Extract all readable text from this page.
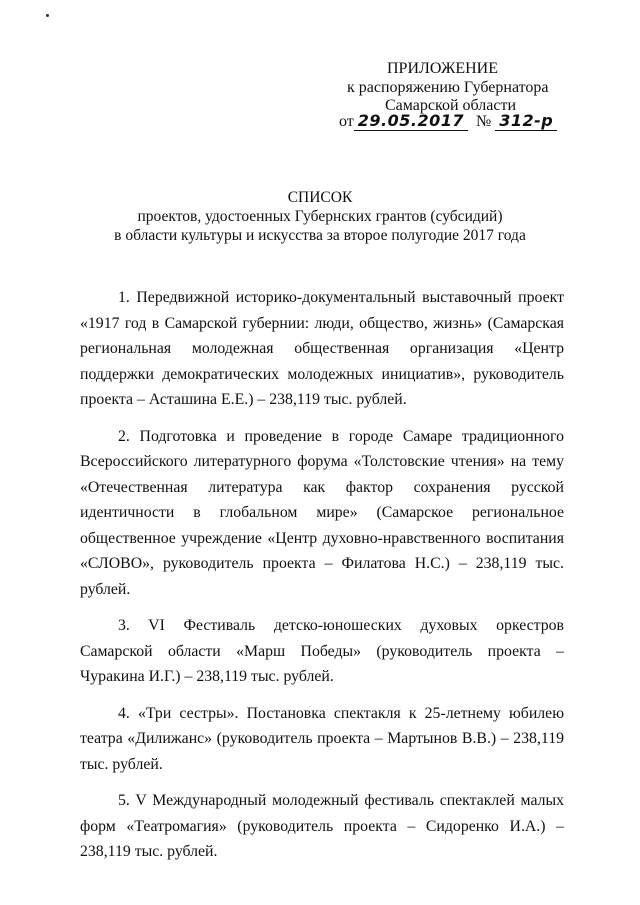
ПРИЛОЖЕНИЕ
к распоряжению Губернатора
Самарской области
от 29.05.2017 № 312-р
СПИСОК
проектов, удостоенных Губернских грантов (субсидий)
в области культуры и искусства за второе полугодие 2017 года

1. Передвижной историко-документальный выставочный проект «1917 год в Самарской губернии: люди, общество, жизнь» (Самарская региональная молодежная общественная организация «Центр поддержки демократических молодежных инициатив», руководитель проекта – Асташина Е.Е.) – 238,119 тыс. рублей.

2. Подготовка и проведение в городе Самаре традиционного Всероссийского литературного форума «Толстовские чтения» на тему «Отечественная литература как фактор сохранения русской идентичности в глобальном мире» (Самарское региональное общественное учреждение «Центр духовно-нравственного воспитания «СЛОВО», руководитель проекта – Филатова Н.С.) – 238,119 тыс. рублей.

3. VI Фестиваль детско-юношеских духовых оркестров Самарской области «Марш Победы» (руководитель проекта – Чуракина И.Г.) – 238,119 тыс. рублей.

4. «Три сестры». Постановка спектакля к 25-летнему юбилею театра «Дилижанс» (руководитель проекта – Мартынов В.В.) – 238,119 тыс. рублей.

5. V Международный молодежный фестиваль спектаклей малых форм «Театромагия» (руководитель проекта – Сидоренко И.А.) – 238,119 тыс. рублей.
